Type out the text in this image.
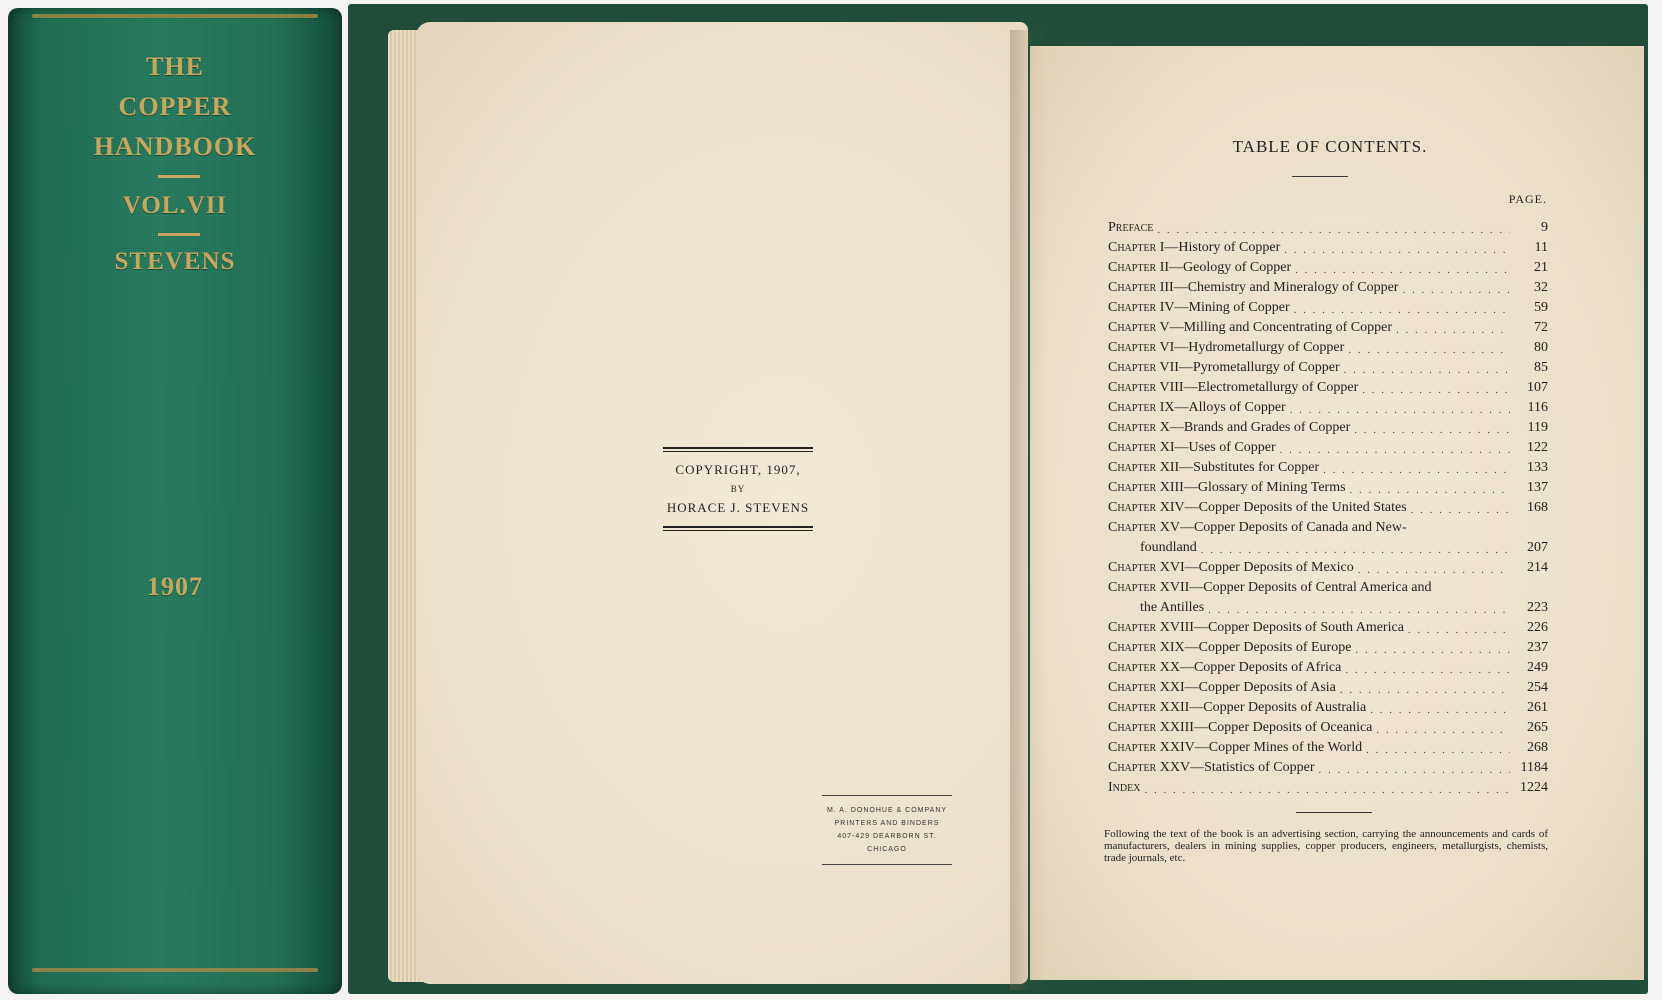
THE
COPPER
HANDBOOK
VOL.VII
STEVENS
1907
COPYRIGHT, 1907,
BY
HORACE J. STEVENS
M. A. DONOHUE & COMPANY
PRINTERS AND BINDERS
407-429 DEARBORN ST.
CHICAGO
TABLE OF CONTENTS.
PAGE.
Preface . . .	9
Chapter I—History of Copper . . .	11
Chapter II—Geology of Copper . . .	21
Chapter III—Chemistry and Mineralogy of Copper . . .	32
Chapter IV—Mining of Copper . . .	59
Chapter V—Milling and Concentrating of Copper . . .	72
Chapter VI—Hydrometallurgy of Copper . . .	80
Chapter VII—Pyrometallurgy of Copper . . .	85
Chapter VIII—Electrometallurgy of Copper . . .	107
Chapter IX—Alloys of Copper . . .	116
Chapter X—Brands and Grades of Copper . . .	119
Chapter XI—Uses of Copper . . .	122
Chapter XII—Substitutes for Copper . . .	133
Chapter XIII—Glossary of Mining Terms . . .	137
Chapter XIV—Copper Deposits of the United States . . .	168
Chapter XV—Copper Deposits of Canada and New-
foundland . . .	207
Chapter XVI—Copper Deposits of Mexico . . .	214
Chapter XVII—Copper Deposits of Central America and
the Antilles . . .	223
Chapter XVIII—Copper Deposits of South America . . .	226
Chapter XIX—Copper Deposits of Europe . . .	237
Chapter XX—Copper Deposits of Africa . . .	249
Chapter XXI—Copper Deposits of Asia . . .	254
Chapter XXII—Copper Deposits of Australia . . .	261
Chapter XXIII—Copper Deposits of Oceanica . . .	265
Chapter XXIV—Copper Mines of the World . . .	268
Chapter XXV—Statistics of Copper . . .	1184
Index . . .	1224
Following the text of the book is an advertising section, carrying the announcements and cards of manufacturers, dealers in mining supplies, copper producers, engineers, metallurgists, chemists, trade journals, etc.
